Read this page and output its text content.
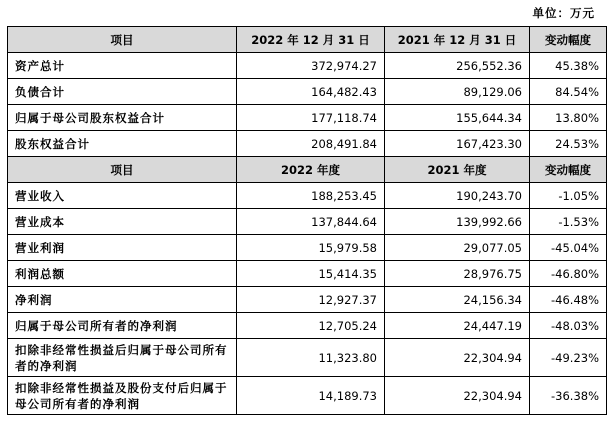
单位：万元
项目	2022 年 12 月 31 日	2021 年 12 月 31 日	变动幅度
资产总计	372,974.27	256,552.36	45.38%
负债合计	164,482.43	89,129.06	84.54%
归属于母公司股东权益合计	177,118.74	155,644.34	13.80%
股东权益合计	208,491.84	167,423.30	24.53%
项目	2022 年度	2021 年度	变动幅度
营业收入	188,253.45	190,243.70	-1.05%
营业成本	137,844.64	139,992.66	-1.53%
营业利润	15,979.58	29,077.05	-45.04%
利润总额	15,414.35	28,976.75	-46.80%
净利润	12,927.37	24,156.34	-46.48%
归属于母公司所有者的净利润	12,705.24	24,447.19	-48.03%
扣除非经常性损益后归属于母公司所有者的净利润	11,323.80	22,304.94	-49.23%
扣除非经常性损益及股份支付后归属于母公司所有者的净利润	14,189.73	22,304.94	-36.38%
